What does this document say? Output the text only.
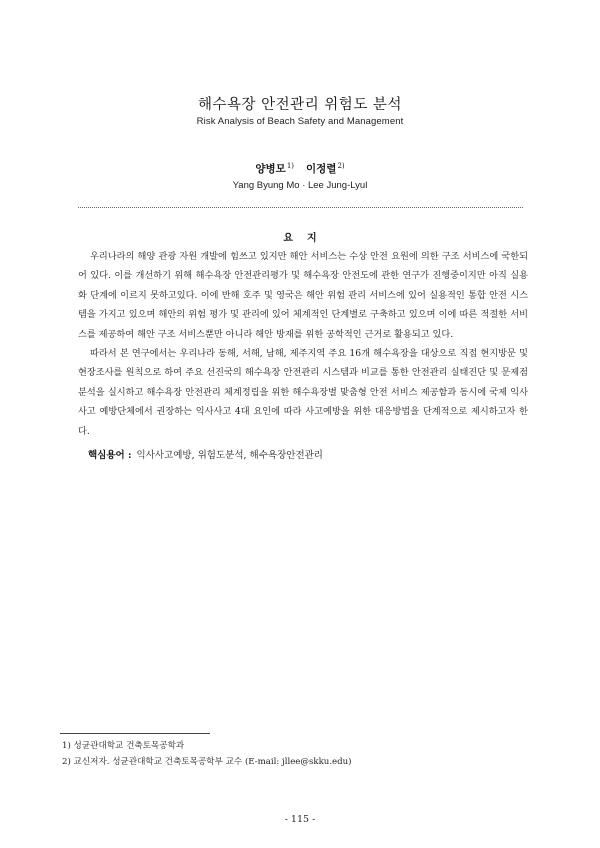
해수욕장 안전관리 위험도 분석
Risk Analysis of Beach Safety and Management
양병모$^{1)}$ 이정렬$^{2)}$
Yang Byung Mo · Lee Jung-Lyul
요지

우리나라의 해양 관광 자원 개발에 힘쓰고 있지만 해안 서비스는 수상 안전 요원에 의한 구조 서비스에 국한되어 있다. 이를 개선하기 위해 해수욕장 안전관리평가 및 해수욕장 안전도에 관한 연구가 진행중이지만 아직 실용화 단계에 이르지 못하고있다. 이에 반해 호주 및 영국은 해안 위험 관리 서비스에 있어 실용적인 통합 안전 시스템을 가지고 있으며 해안의 위험 평가 및 관리에 있어 체계적인 단계별로 구축하고 있으며 이에 따른 적절한 서비스를 제공하여 해안 구조 서비스뿐만 아니라 해안 방재를 위한 공학적인 근거로 활용되고 있다.

따라서 본 연구에서는 우리나라 동해, 서해, 남해, 제주지역 주요 16개 해수욕장을 대상으로 직접 현지방문 및 현장조사를 원칙으로 하여 주요 선진국의 해수욕장 안전관리 시스템과 비교를 통한 안전관리 실태진단 및 문제점 분석을 실시하고 해수욕장 안전관리 체계정립을 위한 해수욕장별 맞춤형 안전 서비스 제공함과 동시에 국제 익사사고 예방단체에서 권장하는 익사사고 4대 요인에 따라 사고예방을 위한 대응방법을 단계적으로 제시하고자 한다.

핵심용어 : 익사사고예방, 위험도분석, 해수욕장안전관리
1) 성균관대학교 건축토목공학과
2) 교신저자. 성균관대학교 건축토목공학부 교수 (E-mail: jllee@skku.edu)
- 115 -
